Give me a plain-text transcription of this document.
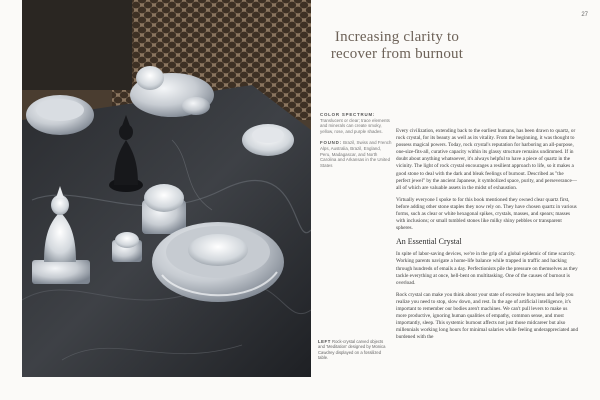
27
Increasing clarity to
recover from burnout

COLOR SPECTRUM: Translucent or clear; trace elements and minerals can create smoky, yellow, rose, and purple shades.

FOUND: Brazil, Swiss and French Alps, Australia, Brazil, England, Peru, Madagascar, and North Carolina and Arkansas in the United States

Every civilization, extending back to the earliest humans, has been drawn to quartz, or rock crystal, for its beauty as well as its vitality. From the beginning, it was thought to possess magical powers. Today, rock crystal's reputation for harboring an all-purpose, one-size-fits-all, curative capacity within its glassy structure remains undimmed. If in doubt about anything whatsoever, it's always helpful to have a piece of quartz in the vicinity. The light of rock crystal encourages a resilient approach to life, so it makes a good stone to deal with the dark and bleak feelings of burnout. Described as "the perfect jewel" by the ancient Japanese, it symbolized space, purity, and perseverance—all of which are valuable assets in the midst of exhaustion.

Virtually everyone I spoke to for this book mentioned they owned clear quartz first, before adding other stone staples they now rely on. They have chosen quartz in various forms, such as clear or white hexagonal spikes, crystals, masses, and spears; masses with inclusions; or small tumbled stones like milky shiny pebbles or transparent spheres.

An Essential Crystal

In spite of labor-saving devices, we're in the grip of a global epidemic of time scarcity. Working parents navigate a home-life balance while trapped in traffic and hacking through hundreds of emails a day. Perfectionists pile the pressure on themselves as they tackle everything at once, hell-bent on multitasking. One of the causes of burnout is overload.

Rock crystal can make you think about your state of excessive busyness and help you realize you need to stop, slow down, and rest. In the age of artificial intelligence, it's important to remember our bodies aren't machines. We can't pull levers to make us more productive, ignoring human qualities of empathy, common sense, and most importantly, sleep. This systemic burnout affects not just those midcareer but also millennials working long hours for minimal salaries while feeling underappreciated and burdened with the

LEFT Rock-crystal carved objects and 'Meditation' designed by Monica Cawdrey displayed on a fossilized table.
